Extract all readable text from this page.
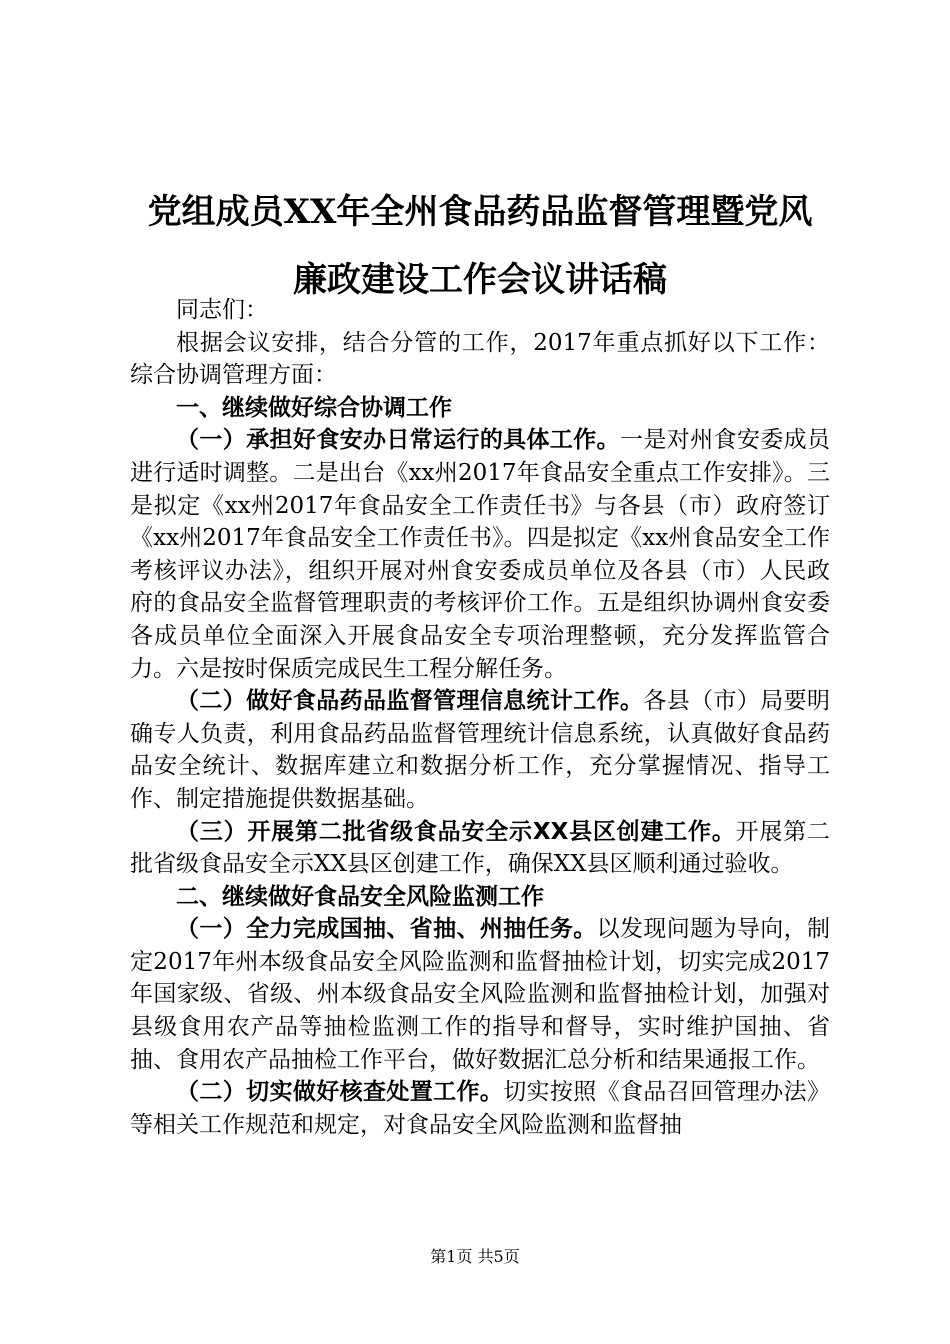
党组成员XX年全州食品药品监督管理暨党风
廉政建设工作会议讲话稿

同志们：

根据会议安排，结合分管的工作，2017年重点抓好以下工作：综合协调管理方面：

一、继续做好综合协调工作

（一）承担好食安办日常运行的具体工作。一是对州食安委成员进行适时调整。二是出台《xx州2017年食品安全重点工作安排》。三是拟定《xx州2017年食品安全工作责任书》与各县（市）政府签订《xx州2017年食品安全工作责任书》。四是拟定《xx州食品安全工作考核评议办法》，组织开展对州食安委成员单位及各县（市）人民政府的食品安全监督管理职责的考核评价工作。五是组织协调州食安委各成员单位全面深入开展食品安全专项治理整顿，充分发挥监管合力。六是按时保质完成民生工程分解任务。

（二）做好食品药品监督管理信息统计工作。各县（市）局要明确专人负责，利用食品药品监督管理统计信息系统，认真做好食品药品安全统计、数据库建立和数据分析工作，充分掌握情况、指导工作、制定措施提供数据基础。

（三）开展第二批省级食品安全示XX县区创建工作。开展第二批省级食品安全示XX县区创建工作，确保XX县区顺利通过验收。

二、继续做好食品安全风险监测工作

（一）全力完成国抽、省抽、州抽任务。以发现问题为导向，制定2017年州本级食品安全风险监测和监督抽检计划，切实完成2017年国家级、省级、州本级食品安全风险监测和监督抽检计划，加强对县级食用农产品等抽检监测工作的指导和督导，实时维护国抽、省抽、食用农产品抽检工作平台，做好数据汇总分析和结果通报工作。

（二）切实做好核查处置工作。切实按照《食品召回管理办法》等相关工作规范和规定，对食品安全风险监测和监督抽

第1页 共5页
